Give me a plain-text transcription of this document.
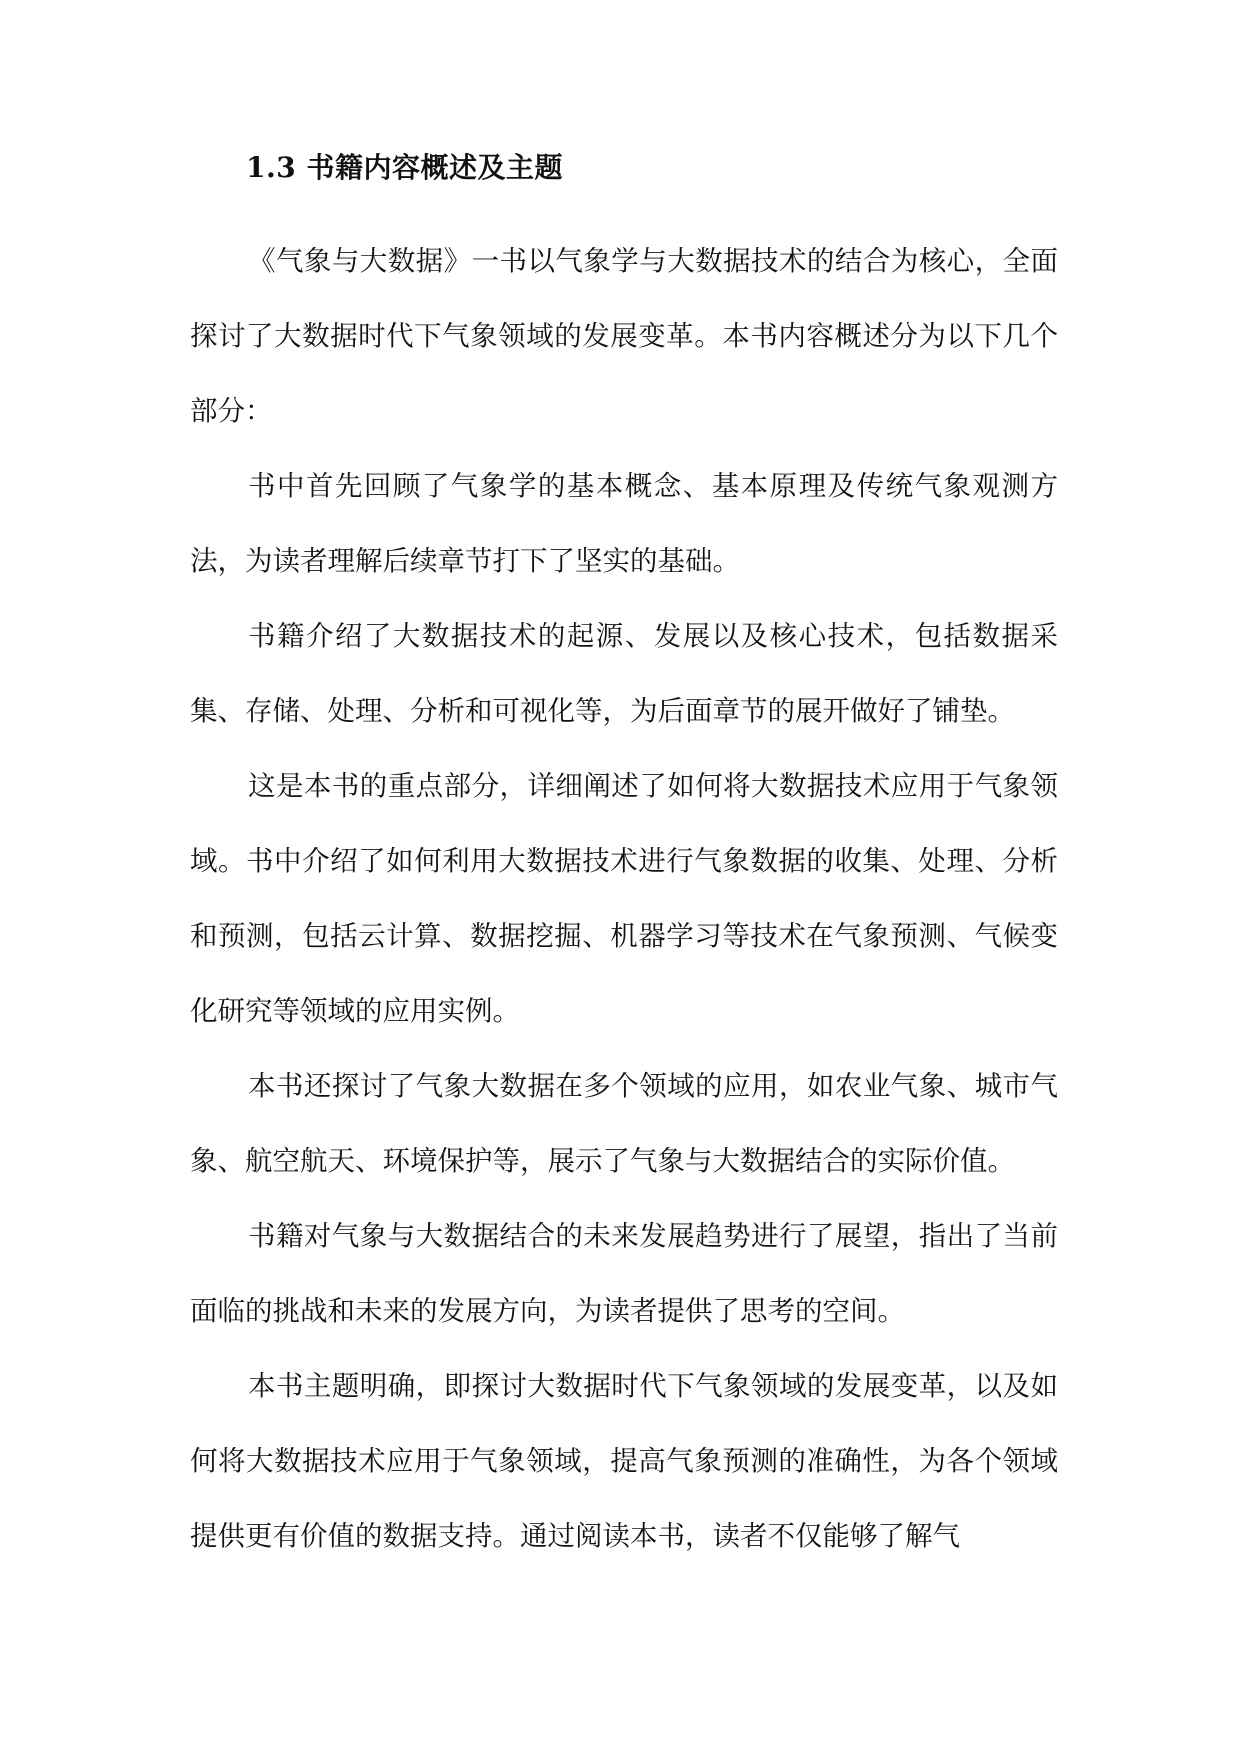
1.3 书籍内容概述及主题

《气象与大数据》一书以气象学与大数据技术的结合为核心，全面探讨了大数据时代下气象领域的发展变革。本书内容概述分为以下几个部分：

书中首先回顾了气象学的基本概念、基本原理及传统气象观测方法，为读者理解后续章节打下了坚实的基础。

书籍介绍了大数据技术的起源、发展以及核心技术，包括数据采集、存储、处理、分析和可视化等，为后面章节的展开做好了铺垫。

这是本书的重点部分，详细阐述了如何将大数据技术应用于气象领域。书中介绍了如何利用大数据技术进行气象数据的收集、处理、分析和预测，包括云计算、数据挖掘、机器学习等技术在气象预测、气候变化研究等领域的应用实例。

本书还探讨了气象大数据在多个领域的应用，如农业气象、城市气象、航空航天、环境保护等，展示了气象与大数据结合的实际价值。

书籍对气象与大数据结合的未来发展趋势进行了展望，指出了当前面临的挑战和未来的发展方向，为读者提供了思考的空间。

本书主题明确，即探讨大数据时代下气象领域的发展变革，以及如何将大数据技术应用于气象领域，提高气象预测的准确性，为各个领域提供更有价值的数据支持。通过阅读本书，读者不仅能够了解气
